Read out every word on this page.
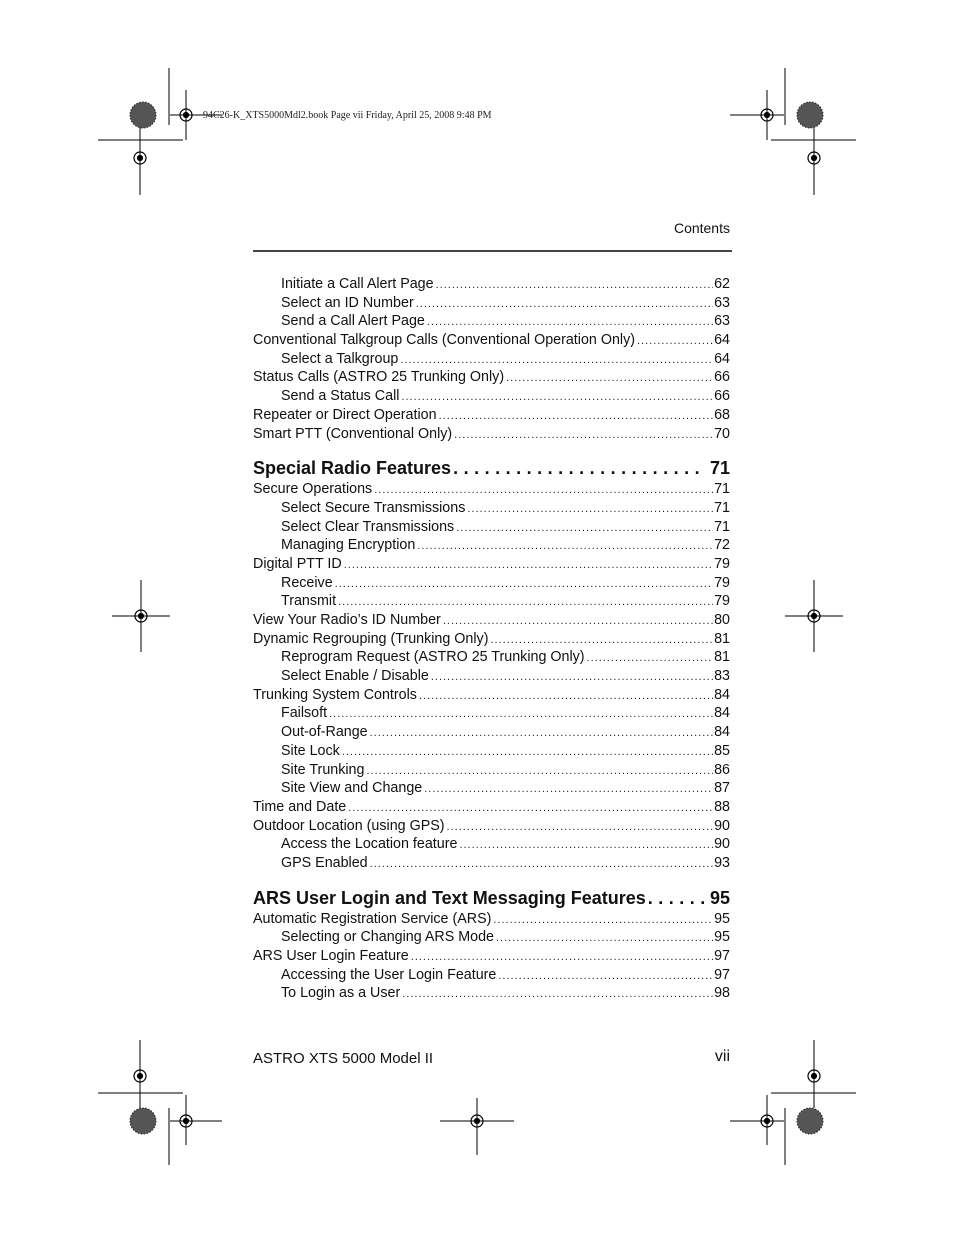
94C26-K_XTS5000Mdl2.book Page vii Friday, April 25, 2008 9:48 PM
Contents
Initiate a Call Alert Page .....	62
Select an ID Number .....	63
Send a Call Alert Page .....	63
Conventional Talkgroup Calls (Conventional Operation Only) .....	64
Select a Talkgroup .....	64
Status Calls (ASTRO 25 Trunking Only) .....	66
Send a Status Call .....	66
Repeater or Direct Operation .....	68
Smart PTT (Conventional Only) .....	70
Special Radio Features .....	71
Secure Operations .....	71
Select Secure Transmissions .....	71
Select Clear Transmissions .....	71
Managing Encryption .....	72
Digital PTT ID .....	79
Receive .....	79
Transmit .....	79
View Your Radio’s ID Number .....	80
Dynamic Regrouping (Trunking Only) .....	81
Reprogram Request (ASTRO 25 Trunking Only) .....	81
Select Enable / Disable .....	83
Trunking System Controls .....	84
Failsoft .....	84
Out-of-Range .....	84
Site Lock .....	85
Site Trunking .....	86
Site View and Change .....	87
Time and Date .....	88
Outdoor Location (using GPS) .....	90
Access the Location feature .....	90
GPS Enabled .....	93
ARS User Login and Text Messaging Features .....	95
Automatic Registration Service (ARS) .....	95
Selecting or Changing ARS Mode .....	95
ARS User Login Feature .....	97
Accessing the User Login Feature .....	97
To Login as a User .....	98
ASTRO XTS 5000 Model II	vii
